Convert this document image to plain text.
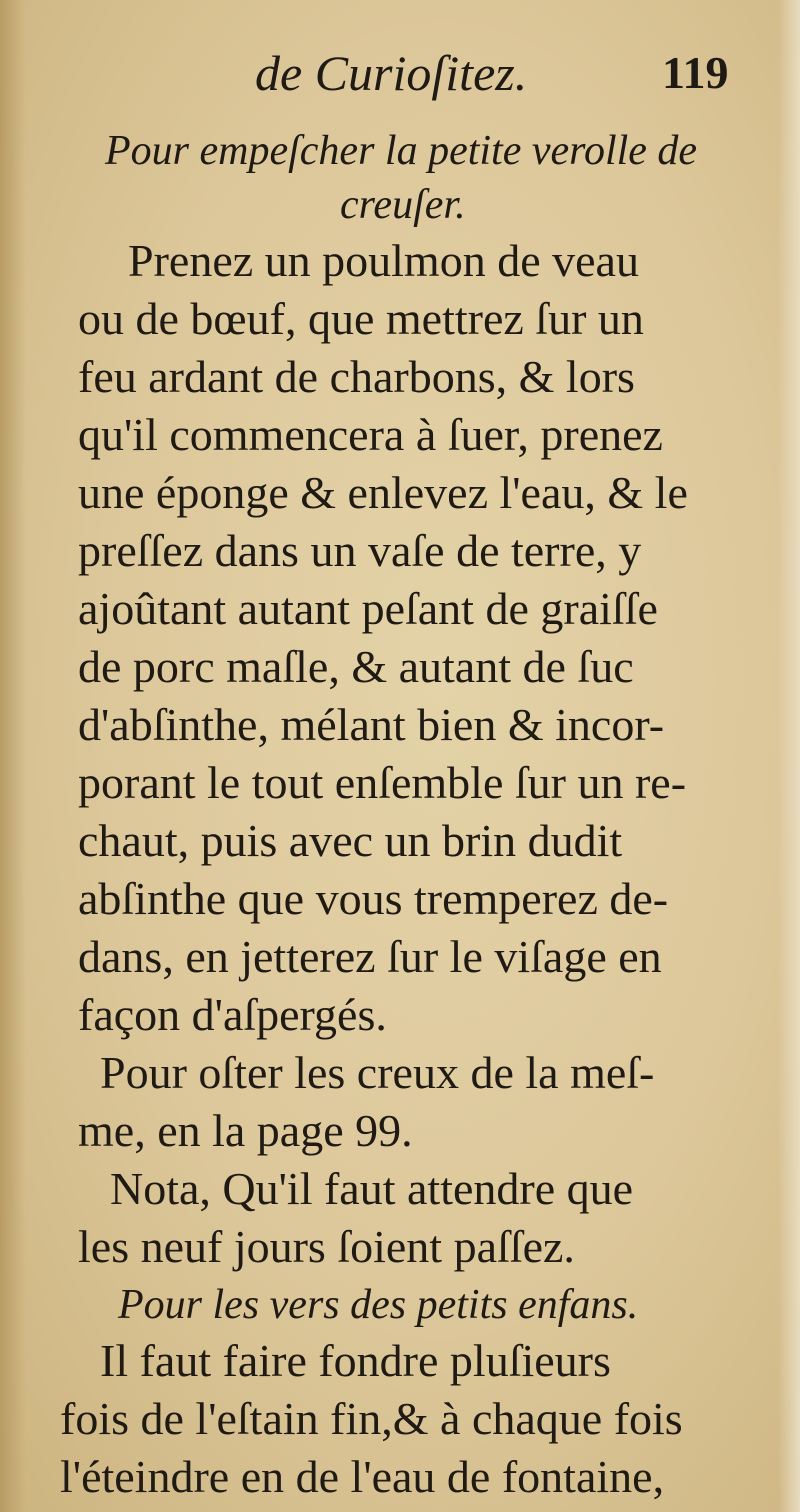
de Curioſitez.	119
Pour empeſcher la petite verolle de
creuſer.
Prenez un poulmon de veau
ou de bœuf, que mettrez ſur un
feu ardant de charbons, & lors
qu'il commencera à ſuer, prenez
une éponge & enlevez l'eau, & le
preſſez dans un vaſe de terre, y
ajoûtant autant peſant de graiſſe
de porc maſle, & autant de ſuc
d'abſinthe, mélant bien & incor-
porant le tout enſemble ſur un re-
chaut, puis avec un brin dudit
abſinthe que vous tremperez de-
dans, en jetterez ſur le viſage en
façon d'aſpergés.
Pour oſter les creux de la meſ-
me, en la page 99.
Nota, Qu'il faut attendre que
les neuf jours ſoient paſſez.
Pour les vers des petits enfans.
Il faut faire fondre pluſieurs
fois de l'eſtain fin,& à chaque fois
l'éteindre en de l'eau de fontaine,
